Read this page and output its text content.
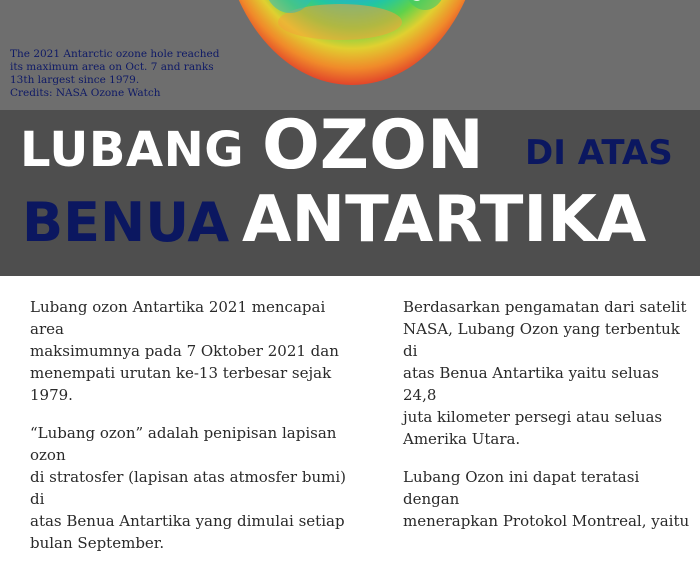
The 2021 Antarctic ozone hole reached
its maximum area on Oct. 7 and ranks
13th largest since 1979.
Credits: NASA Ozone Watch
LUBANG OZON DI ATAS
BENUA ANTARTIKA

Lubang ozon Antartika 2021 mencapai area
maksimumnya pada 7 Oktober 2021 dan
menempati urutan ke-13 terbesar sejak 1979.

“Lubang ozon” adalah penipisan lapisan ozon
di stratosfer (lapisan atas atmosfer bumi) di
atas Benua Antartika yang dimulai setiap
bulan September.

Berdasarkan pengamatan dari satelit
NASA, Lubang Ozon yang terbentuk di
atas Benua Antartika yaitu seluas 24,8
juta kilometer persegi atau seluas
Amerika Utara.

Lubang Ozon ini dapat teratasi dengan
menerapkan Protokol Montreal, yaitu
